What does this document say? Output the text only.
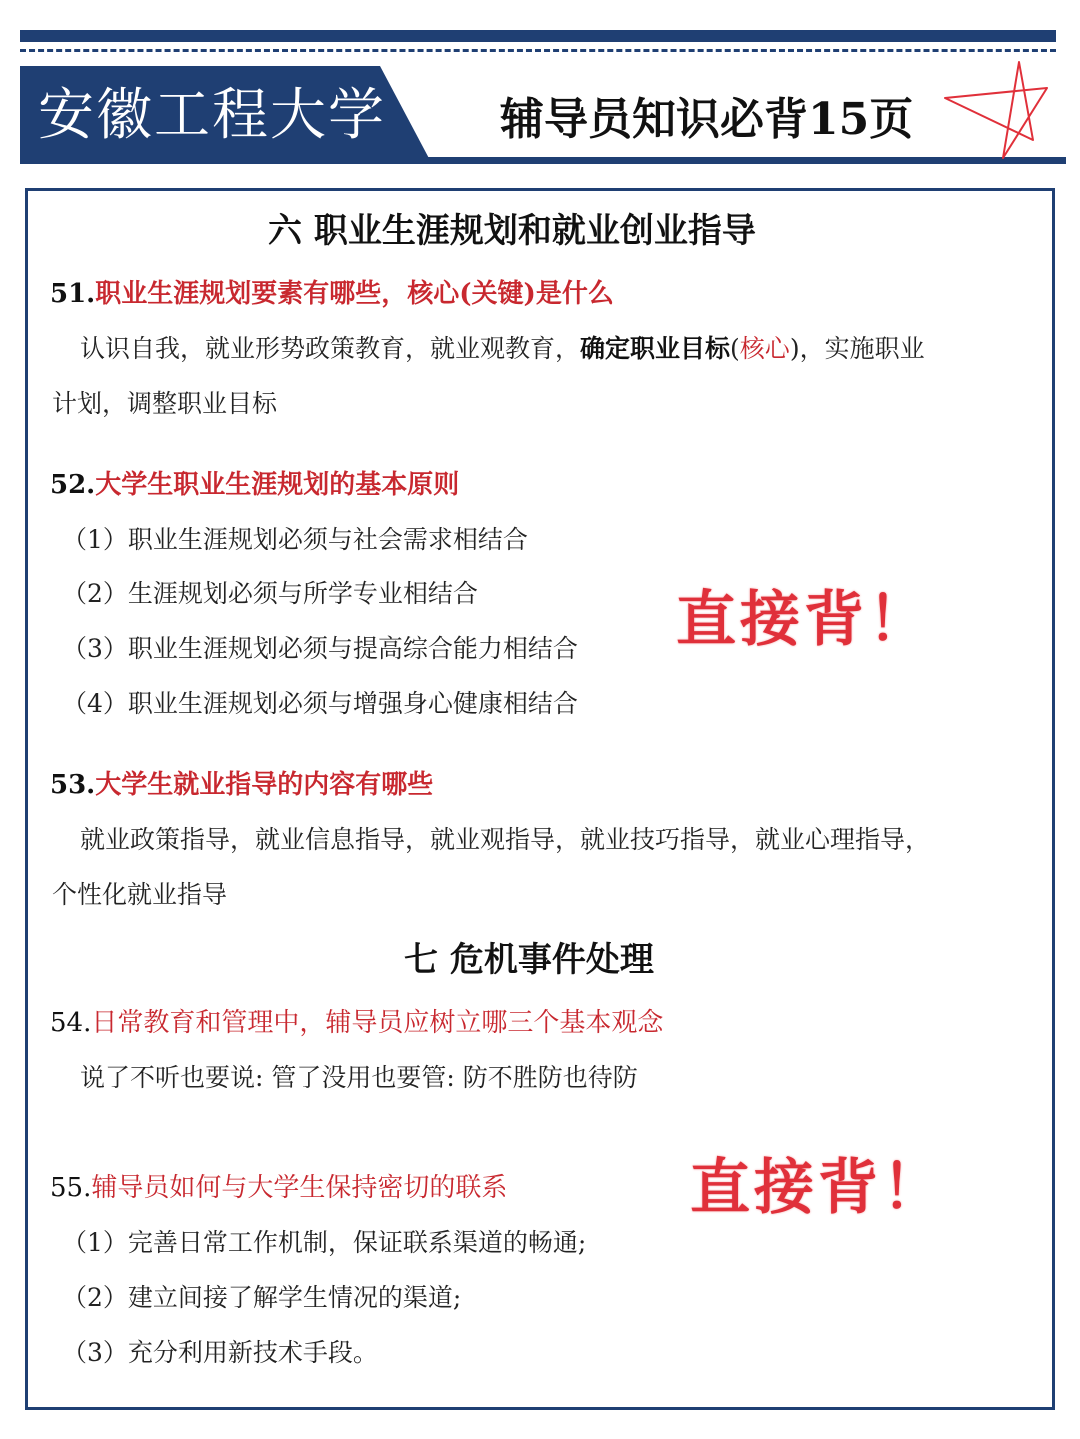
安徽工程大学	辅导员知识必背15页
六 职业生涯规划和就业创业指导
51.职业生涯规划要素有哪些，核心(关键)是什么
认识自我，就业形势政策教育，就业观教育，确定职业目标(核心)，实施职业
计划，调整职业目标
52.大学生职业生涯规划的基本原则
（1）职业生涯规划必须与社会需求相结合
（2）生涯规划必须与所学专业相结合
（3）职业生涯规划必须与提高综合能力相结合
（4）职业生涯规划必须与增强身心健康相结合
直接背！
53.大学生就业指导的内容有哪些
就业政策指导，就业信息指导，就业观指导，就业技巧指导，就业心理指导，
个性化就业指导
七 危机事件处理
54.日常教育和管理中，辅导员应树立哪三个基本观念
说了不听也要说: 管了没用也要管: 防不胜防也待防
直接背！
55.辅导员如何与大学生保持密切的联系
（1）完善日常工作机制，保证联系渠道的畅通;
（2）建立间接了解学生情况的渠道;
（3）充分利用新技术手段。
